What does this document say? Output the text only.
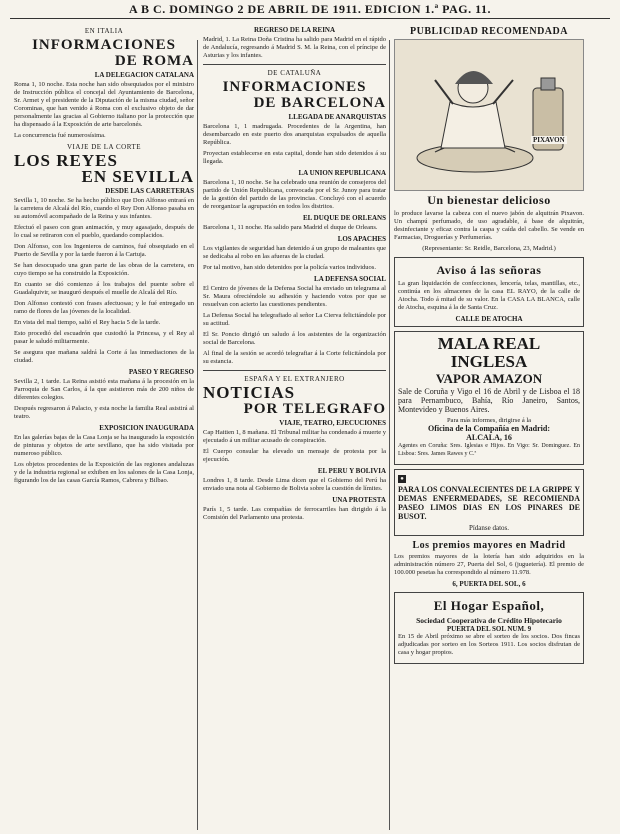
A B C. DOMINGO 2 DE ABRIL DE 1911. EDICION 1.ª PAG. 11.
EN ITALIA
INFORMACIONES
DE ROMA
LA DELEGACION CATALANA

Roma 1, 10 noche. Esta noche han sido obsequiados por el ministro de Instrucción pública el concejal del Ayuntamiento de Barcelona, Sr. Armet y el presidente de la Diputación de la misma ciudad, señor Corominas, que han venido á Roma con el exclusivo objeto de dar personalmente las gracias al Gobierno italiano por la protección que ha dispensado á la Exposición de arte barcelonés.

La concurrencia fué numerosísima.

VIAJE DE LA CORTE
LOS REYES
EN SEVILLA
DESDE LAS CARRETERAS

Sevilla 1, 10 noche. Se ha hecho público que Don Alfonso entrará en la carretera de Alcalá del Río, cuando el Rey Don Alfonso pasaba en su automóvil acompañado de la Reina y sus infantes.

Efectuó el paseo con gran animación, y muy agasajado, después de lo cual se retiraron con el pueblo, quedando complacidos.

Don Alfonso, con los Ingenieros de caminos, fué obsequiado en el Puerto de Sevilla y por la tarde fueron á la Cartuja.

Se han desocupado una gran parte de las obras de la carretera, en cuyo tiempo se ha construido la Exposición.

En cuanto se dió comienzo á los trabajos del puente sobre el Guadalquivir, se inauguró después el muelle de Alcalá del Río.

Don Alfonso contestó con frases afectuosas; y le fué entregado un ramo de flores de las jóvenes de la localidad.

En vista del mal tiempo, salió el Rey hacia 5 de la tarde.

Esto procedió del escuadrón que custodió la Princesa, y el Rey al pasar le saludó militarmente.

Se asegura que mañana saldrá la Corte á las inmediaciones de la ciudad.

PASEO Y REGRESO

Sevilla 2, 1 tarde. La Reina asistió esta mañana á la procesión en la Parroquia de San Carlos, á la que asistieron más de 200 niños de diferentes colegios.

Después regresaron á Palacio, y esta noche la familia Real asistirá al teatro.

EXPOSICION INAUGURADA

En las galerías bajas de la Casa Lonja se ha inaugurado la exposición de pinturas y objetos de arte sevillano, que ha sido visitada por numeroso público.

Los objetos procedentes de la Exposición de las regiones andaluzas y de la industria regional se exhiben en los salones de la Casa Lonja, figurando los de las casas García Ramos, Cabrera y Bilbao.

REGRESO DE LA REINA

Madrid, 1. La Reina Doña Cristina ha salido para Madrid en el rápido de Andalucía, regresando á Madrid S. M. la Reina, con el príncipe de Asturias y los infantes.

DE CATALUÑA
INFORMACIONES
DE BARCELONA
LLEGADA DE ANARQUISTAS

Barcelona 1, 1 madrugada. Procedentes de la Argentina, han desembarcado en este puerto dos anarquistas expulsados de aquella República.

Proyectan establecerse en esta capital, donde han sido detenidos á su llegada.

LA UNION REPUBLICANA

Barcelona 1, 10 noche. Se ha celebrado una reunión de consejeros del partido de Unión Republicana, convocada por el Sr. Junoy para tratar de la gestión del partido de las provincias. Concluyó con el acuerdo de reorganizar la agrupación en todos los distritos.

EL DUQUE DE ORLEANS

Barcelona 1, 11 noche. Ha salido para Madrid el duque de Orleans.

LOS APACHES

Los vigilantes de seguridad han detenido á un grupo de maleantes que se dedicaba al robo en las afueras de la ciudad.

Por tal motivo, han sido detenidos por la policía varios individuos.

LA DEFENSA SOCIAL

El Centro de jóvenes de la Defensa Social ha enviado un telegrama al Sr. Maura ofreciéndole su adhesión y haciendo votos por que se resuelvan con acierto las cuestiones pendientes.

La Defensa Social ha telegrafiado al señor La Cierva felicitándole por su actitud.

El Sr. Poncio dirigió un saludo á los asistentes de la organización social de Barcelona.

Al final de la sesión se acordó telegrafiar á la Corte felicitándola por su estancia.

ESPAÑA Y EL EXTRANJERO
NOTICIAS
POR TELEGRAFO
VIAJE, TEATRO, EJECUCIONES

Cap Haitien 1, 8 mañana. El Tribunal militar ha condenado á muerte y ejecutado á un militar acusado de conspiración.

El Cuerpo consular ha elevado un mensaje de protesta por la ejecución.

EL PERU Y BOLIVIA

Londres 1, 8 tarde. Desde Lima dicen que el Gobierno del Perú ha enviado una nota al Gobierno de Bolivia sobre la cuestión de límites.

UNA PROTESTA

París 1, 5 tarde. Las compañías de ferrocarriles han dirigido á la Comisión del Parlamento una protesta.

PUBLICIDAD RECOMENDADA
PIXAVON
Un bienestar delicioso

lo produce lavarse la cabeza con el nuevo jabón de alquitrán Pixavon. Un champú perfumado, de uso agradable, á base de alquitrán, desinfectante y eficaz contra la caspa y caída del cabello. Se vende en Farmacias, Droguerías y Perfumerías.

(Representante: Sr. Reidle, Barcelona, 23, Madrid.)

Aviso á las señoras

La gran liquidación de confecciones, lencería, telas, mantillas, etc., continúa en los almacenes de la casa EL RAYO, de la calle de Atocha. Todo á mitad de su valor. En la CASA LA BLANCA, calle de Atocha, esquina á la de Santa Cruz.

CALLE DE ATOCHA
MALA REAL INGLESA
VAPOR AMAZON

Sale de Coruña y Vigo el 16 de Abril y de Lisboa el 18 para Pernambuco, Bahía, Río Janeiro, Santos, Montevideo y Buenos Aires.

Para más informes, dirigirse á la
Oficina de la Compañía en Madrid:
ALCALA, 16

Agentes en Coruña: Sres. Iglesias e Hijos. En Vigo: Sr. Dominguez. En Lisboa: Sres. James Rawes y C.ª

●

PARA LOS CONVALECIENTES DE LA GRIPPE Y DEMAS ENFERMEDADES, SE RECOMIENDA PASEO LIMOS DIAS EN LOS PINARES DE BUSOT.

Pídanse datos.
Los premios mayores en Madrid

Los premios mayores de la lotería han sido adquiridos en la administración número 27, Puerta del Sol, 6 (juguetería). El premio de 100.000 pesetas ha correspondido al número 11.978.

6, PUERTA DEL SOL, 6
El Hogar Español,
Sociedad Cooperativa de Crédito Hipotecario
PUERTA DEL SOL NUM. 9

En 15 de Abril próximo se abre el sorteo de los socios. Dos fincas adjudicadas por sorteo en los Sorteos 1911. Los socios disfrutan de casa y hogar propios.
